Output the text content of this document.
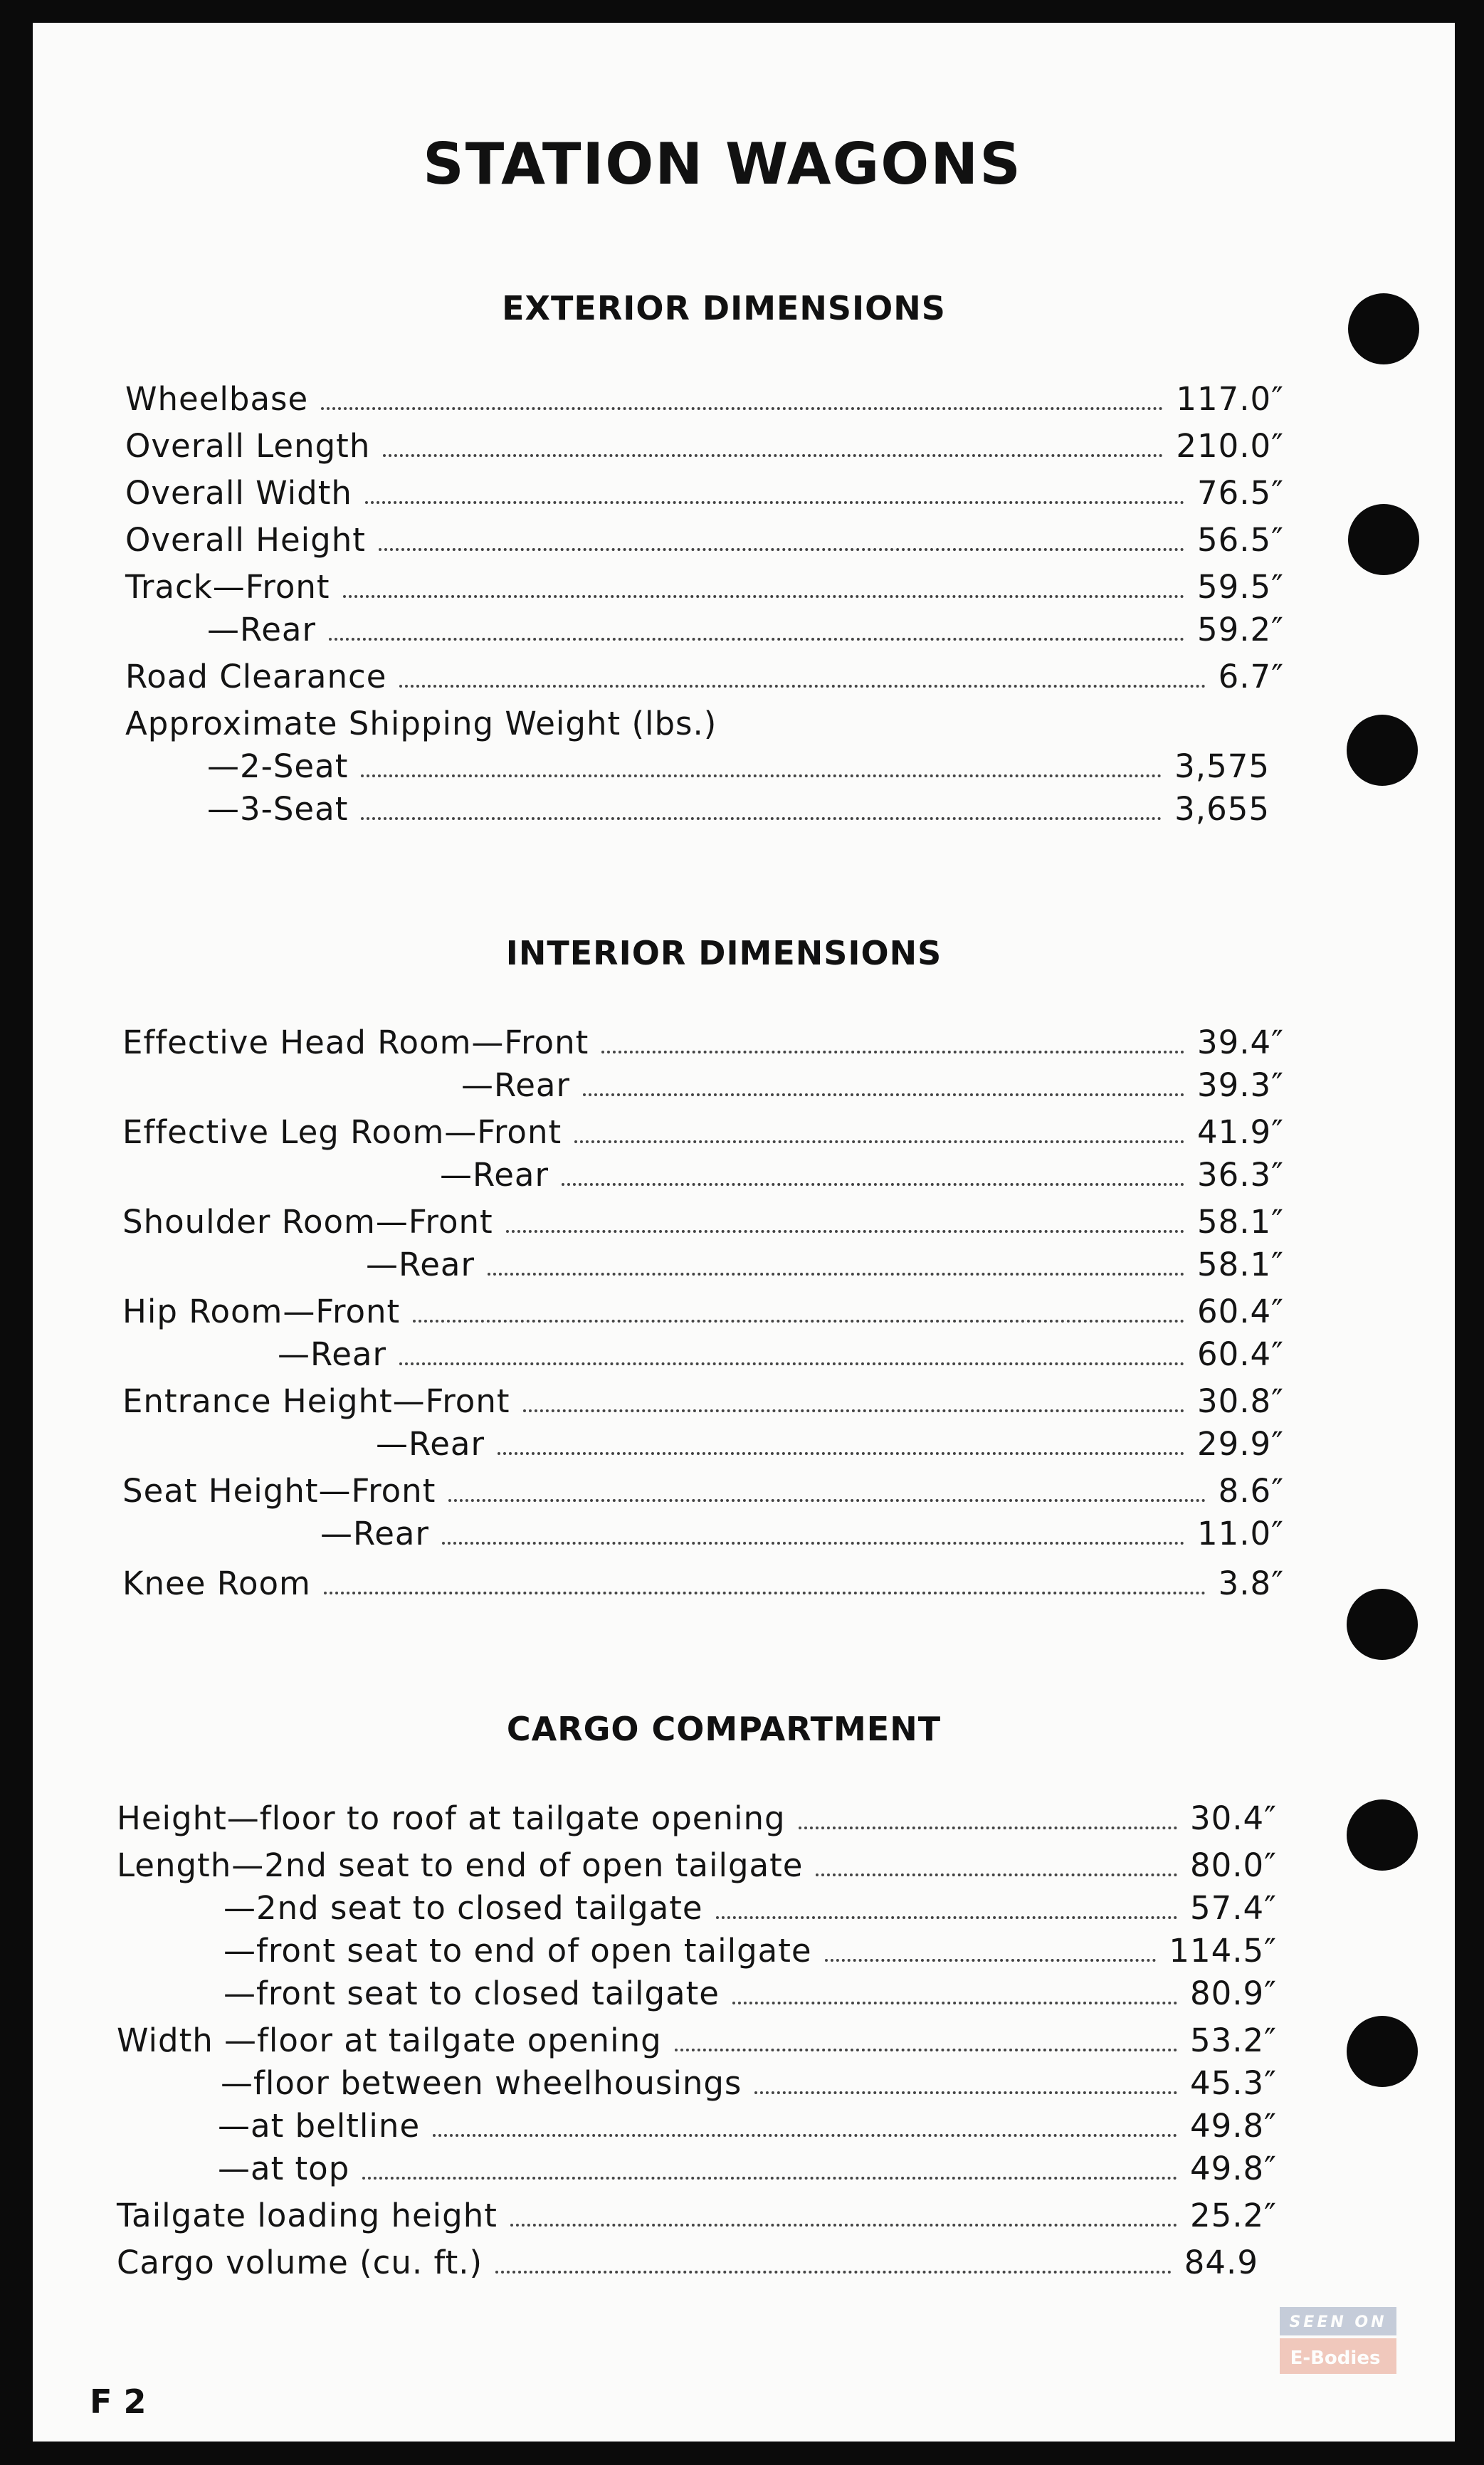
STATION WAGONS
EXTERIOR DIMENSIONS
Wheelbase	117.0″
Overall Length	210.0″
Overall Width	76.5″
Overall Height	56.5″
Track—Front	59.5″
—Rear	59.2″
Road Clearance	6.7″
Approximate Shipping Weight (lbs.)
—2-Seat	3,575
—3-Seat	3,655
INTERIOR DIMENSIONS
Effective Head Room—Front	39.4″
—Rear	39.3″
Effective Leg Room—Front	41.9″
—Rear	36.3″
Shoulder Room—Front	58.1″
—Rear	58.1″
Hip Room—Front	60.4″
—Rear	60.4″
Entrance Height—Front	30.8″
—Rear	29.9″
Seat Height—Front	8.6″
—Rear	11.0″
Knee Room	3.8″
CARGO COMPARTMENT
Height—floor to roof at tailgate opening	30.4″
Length—2nd seat to end of open tailgate	80.0″
—2nd seat to closed tailgate	57.4″
—front seat to end of open tailgate	114.5″
—front seat to closed tailgate	80.9″
Width —floor at tailgate opening	53.2″
—floor between wheelhousings	45.3″
—at beltline	49.8″
—at top	49.8″
Tailgate loading height	25.2″
Cargo volume (cu. ft.)	84.9
F 2
SEEN ON
E-Bodies
